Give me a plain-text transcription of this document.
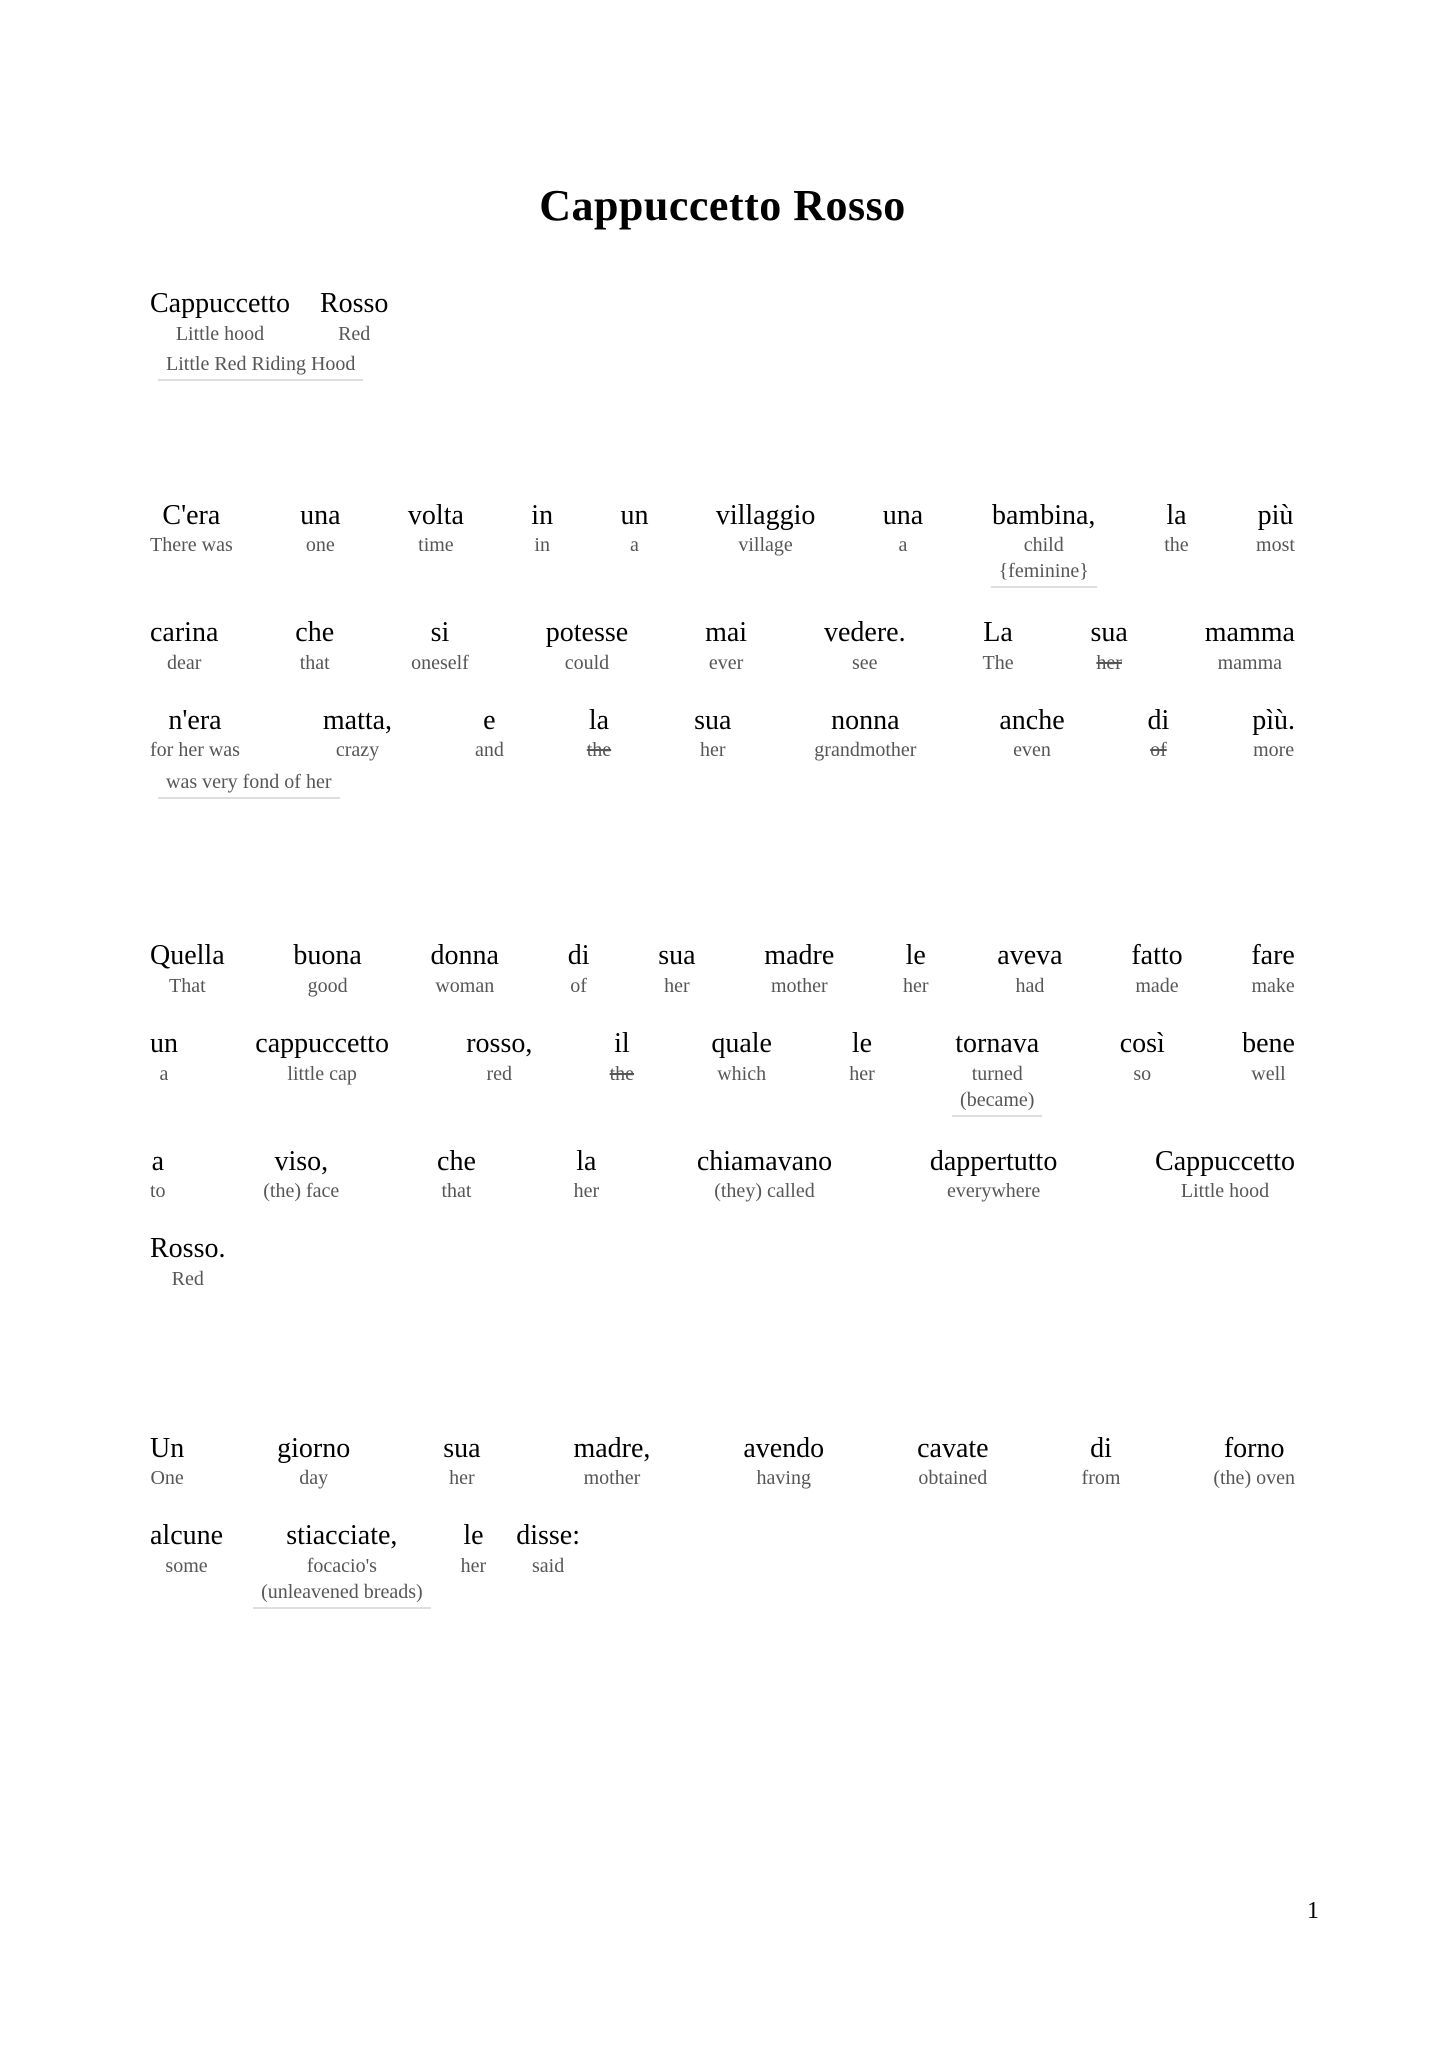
Cappuccetto Rosso
Cappuccetto
Little hood
Rosso
Red
Little Red Riding Hood
C'era
There was
una
one
volta
time
in
in
un
a
villaggio
village
una
a
bambina,
child
{feminine}
la
the
più
most
carina
dear
che
that
si
oneself
potesse
could
mai
ever
vedere.
see
La
The
sua
her
mamma
mamma
n'era
for her was
matta,
crazy
e
and
la
the
sua
her
nonna
grandmother
anche
even
di
of
pìù.
more
was very fond of her
Quella
That
buona
good
donna
woman
di
of
sua
her
madre
mother
le
her
aveva
had
fatto
made
fare
make
un
a
cappuccetto
little cap
rosso,
red
il
the
quale
which
le
her
tornava
turned
(became)
così
so
bene
well
a
to
viso,
(the) face
che
that
la
her
chiamavano
(they) called
dappertutto
everywhere
Cappuccetto
Little hood
Rosso.
Red
Un
One
giorno
day
sua
her
madre,
mother
avendo
having
cavate
obtained
di
from
forno
(the) oven
alcune
some
stiacciate,
focacio's
(unleavened breads)
le
her
disse:
said
1
